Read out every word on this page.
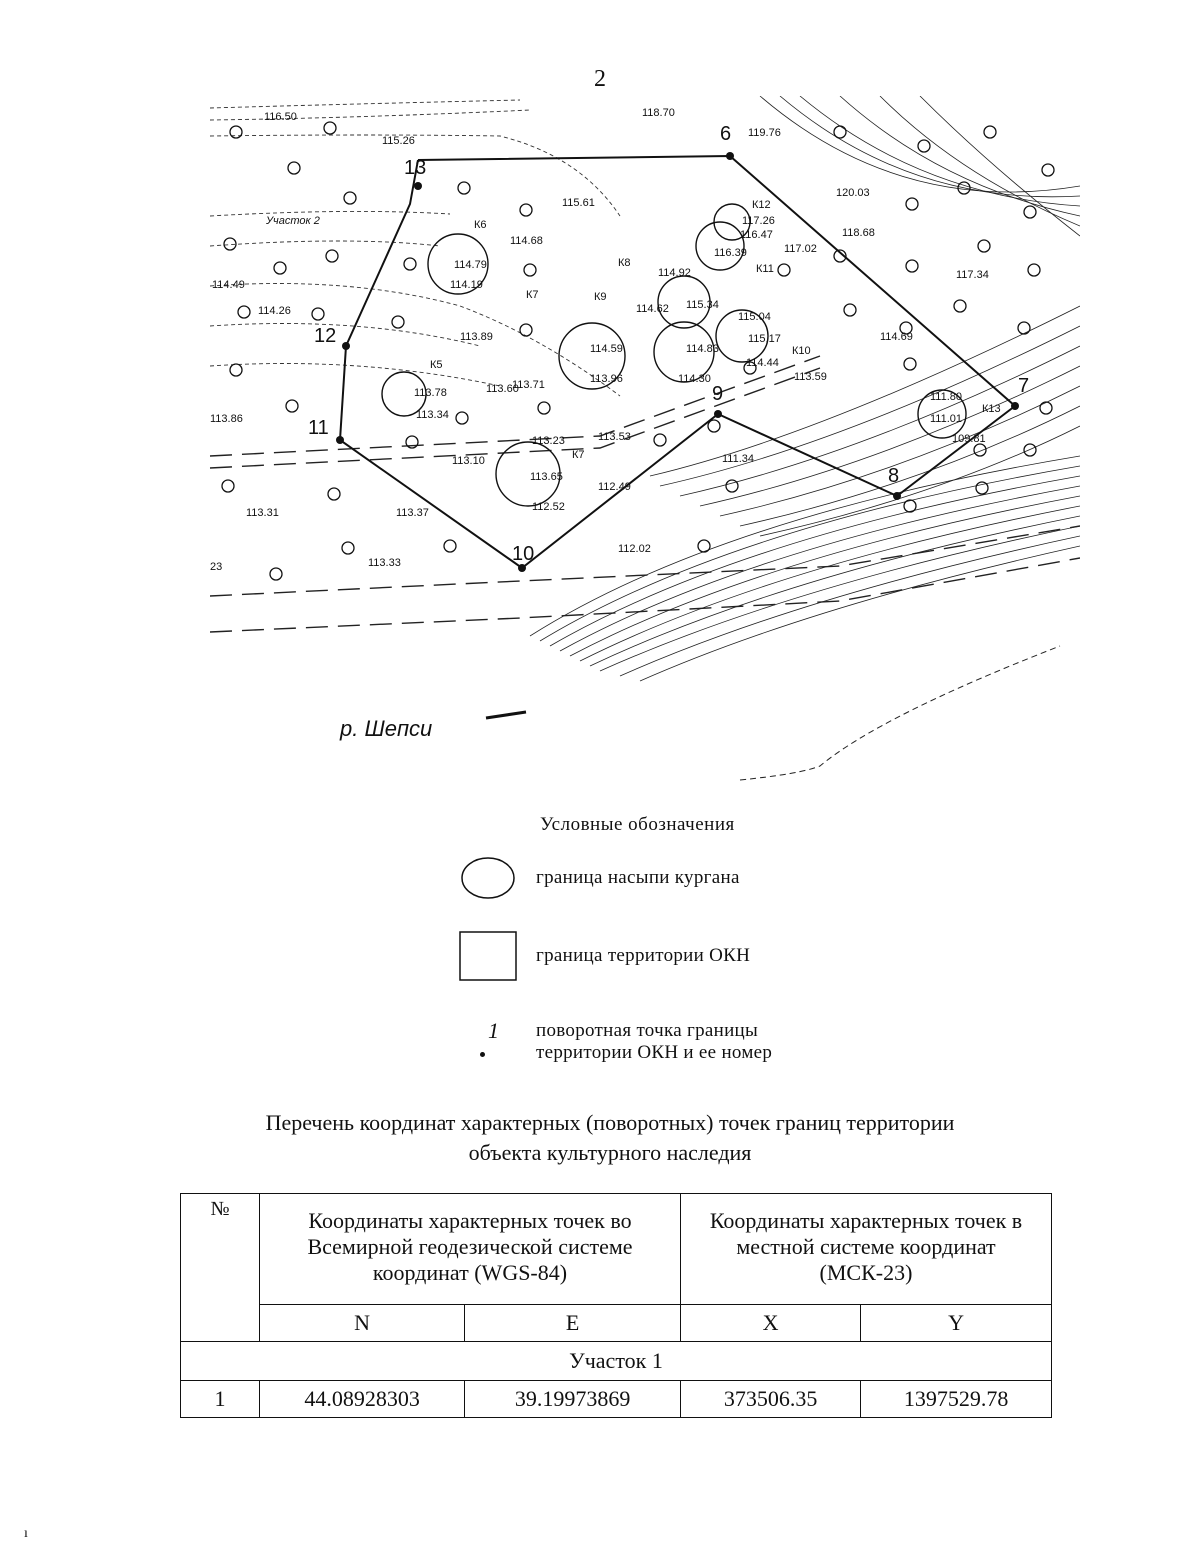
2
6
7
8
9
10
11
12
13
Участок 2
р. Шепси
К6
К5
К7
К8
К9
К10
К11
К12
К13
К7
116.50
115.26
118.70
119.76
120.03
118.68
117.34
117.26
117.02
116.39
116.47
115.61
114.68
114.79
114.19
114.49
114.26
113.89
114.59
113.96
114.92
115.34
114.62
114.83
114.30
115.04
115.17
114.44
113.59
114.69
113.78
113.34
113.60
113.71
113.23	113.53
113.10
113.65
112.49
112.52
111.34
112.02
111.80
111.01
109.81
113.86
113.31	113.37
113.33
23
Условные обозначения
граница насыпи кургана
граница территории ОКН
1 поворотная точка границы
территории ОКН и ее номер
Перечень координат характерных (поворотных) точек границ территории
объекта культурного наследия
№	Координаты характерных точек во Всемирной геодезической системе координат (WGS-84)		Координаты характерных точек в местной системе координат (МСК-23)	
	N	E	X	Y
Участок 1				
1	44.08928303	39.19973869	373506.35	1397529.78
ı
